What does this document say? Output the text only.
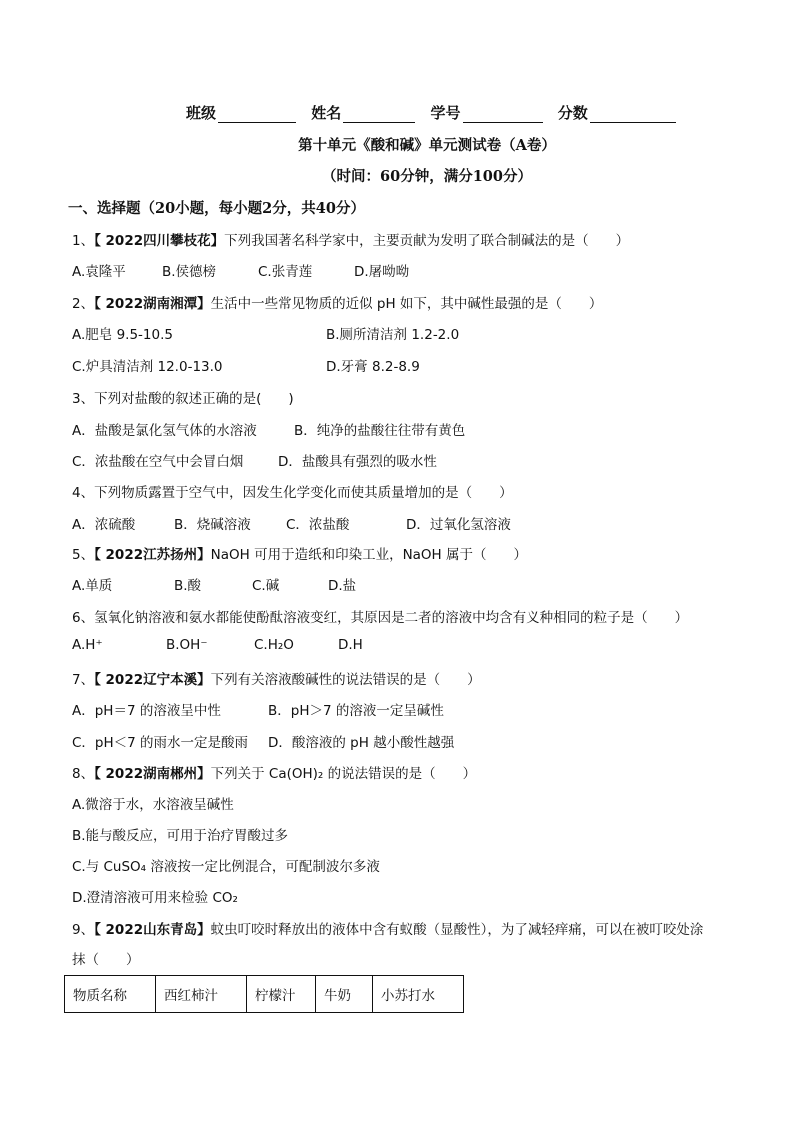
班级	姓名	学号	分数
第十单元《酸和碱》单元测试卷（A卷）
（时间：60分钟，满分100分）
一、选择题（20小题，每小题2分，共40分）
1、【 2022四川攀枝花】下列我国著名科学家中，主要贡献为发明了联合制碱法的是（　　）
A.袁隆平	B.侯德榜	C.张青莲	D.屠呦呦
2、【 2022湖南湘潭】生活中一些常见物质的近似 pH 如下，其中碱性最强的是（　　）
A.肥皂 9.5-10.5	B.厕所清洁剂 1.2-2.0
C.炉具清洁剂 12.0-13.0	D.牙膏 8.2-8.9
3、下列对盐酸的叙述正确的是(　　)
A．盐酸是氯化氢气体的水溶液	B．纯净的盐酸往往带有黄色
C．浓盐酸在空气中会冒白烟	D．盐酸具有强烈的吸水性
4、下列物质露置于空气中，因发生化学变化而使其质量增加的是（　　）
A．浓硫酸	B．烧碱溶液	C．浓盐酸	D．过氧化氢溶液
5、【 2022江苏扬州】NaOH 可用于造纸和印染工业，NaOH 属于（　　）
A.单质	B.酸	C.碱	D.盐
6、氢氧化钠溶液和氨水都能使酚酞溶液变红，其原因是二者的溶液中均含有义种相同的粒子是（　　）
A.H⁺	B.OH⁻	C.H₂O	D.H
7、【 2022辽宁本溪】下列有关溶液酸碱性的说法错误的是（　　）
A．pH＝7 的溶液呈中性	B．pH＞7 的溶液一定呈碱性
C．pH＜7 的雨水一定是酸雨 D．酸溶液的 pH 越小酸性越强
8、【 2022湖南郴州】下列关于 Ca(OH)₂ 的说法错误的是（　　）
A.微溶于水，水溶液呈碱性
B.能与酸反应，可用于治疗胃酸过多
C.与 CuSO₄ 溶液按一定比例混合，可配制波尔多液
D.澄清溶液可用来检验 CO₂
9、【 2022山东青岛】蚊虫叮咬时释放出的液体中含有蚁酸（显酸性），为了减轻痒痛，可以在被叮咬处涂
抹（　　）
物质名称	西红柿汁	柠檬汁	牛奶	小苏打水
